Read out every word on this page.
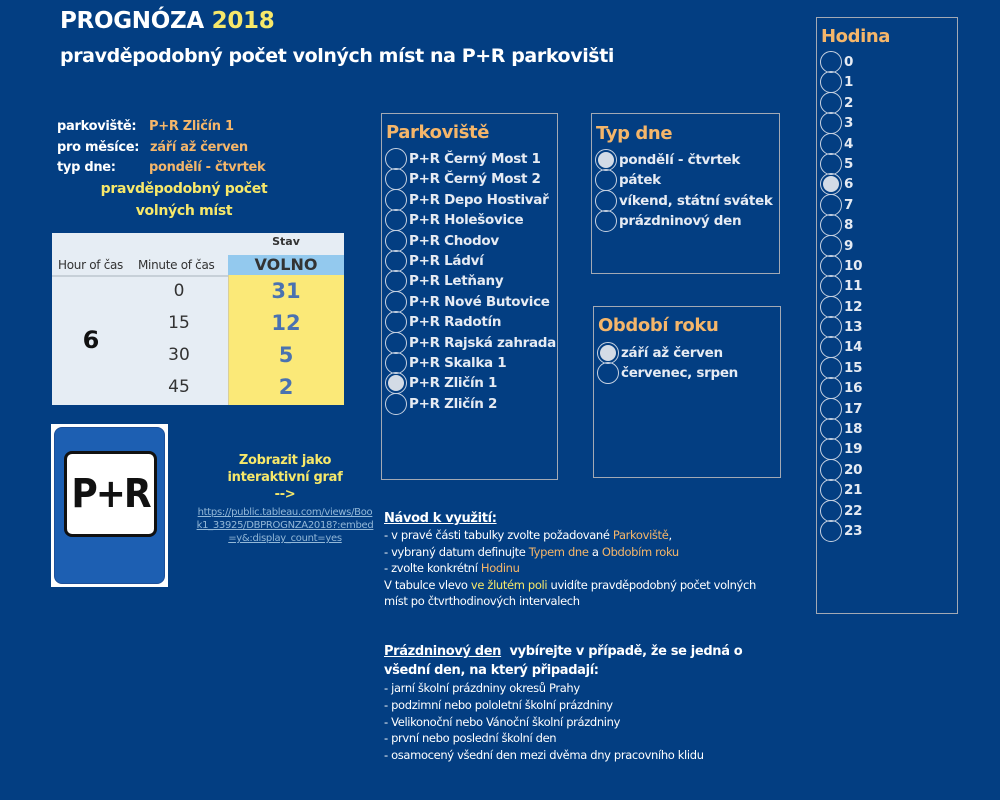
PROGNÓZA 2018
pravděpodobný počet volných míst na P+R parkovišti
parkoviště: P+R Zličín 1
pro měsíce: září až červen
typ dne:	pondělí - čtvrtek
pravděpodobný počet
volných míst
Stav
Hour of čas Minute of čas	VOLNO
6
0	31
15	12
30	5
45	2
P+R
Zobrazit jako
interaktivní graf
-->
https://public.tableau.com/views/Book1_33925/DBPROGNZA2018?:embed=y&:display_count=yes
Parkoviště
P+R Černý Most 1
P+R Černý Most 2
P+R Depo Hostivař
P+R Holešovice
P+R Chodov
P+R Ládví
P+R Letňany
P+R Nové Butovice
P+R Radotín
P+R Rajská zahrada
P+R Skalka 1
P+R Zličín 1
P+R Zličín 2
Typ dne
pondělí - čtvrtek
pátek
víkend, státní svátek
prázdninový den
Období roku
září až červen
červenec, srpen
Hodina
0
1
2
3
4
5
6
7
8
9
10
11
12
13
14
15
16
17
18
19
20
21
22
23
Návod k využití:
- v pravé části tabulky zvolte požadované Parkoviště,
- vybraný datum definujte Typem dne a Obdobím roku
- zvolte konkrétní Hodinu
V tabulce vlevo ve žlutém poli uvidíte pravděpodobný počet volných
míst po čtvrthodinových intervalech
Prázdninový den  vybírejte v případě, že se jedná o
všední den, na který připadají:
- jarní školní prázdniny okresů Prahy
- podzimní nebo pololetní školní prázdniny
- Velikonoční nebo Vánoční školní prázdniny
- první nebo poslední školní den
- osamocený všední den mezi dvěma dny pracovního klidu
